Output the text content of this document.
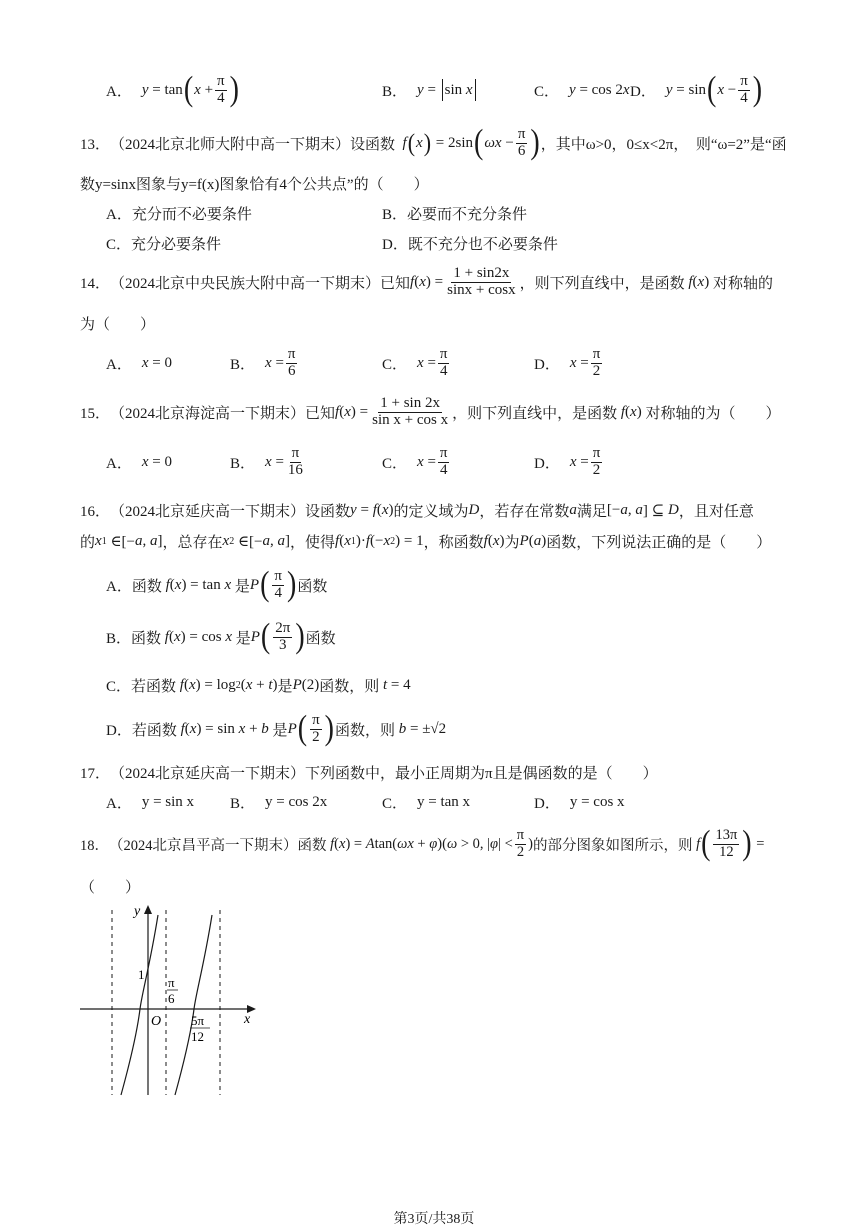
A． y = tan ( $x + \frac{\pi}{4}$ )	B． y =
sin x	C． y = cos 2 x D． y = sin ( $x - \frac{\pi}{4}$ )
13． （2024北京北师大附中高一下期末） 设函数
f ( x ) = 2sin ( $\omega x - \frac{\pi}{6}$ ) ，其中ω>0，0≤x<2π，　则“ω=2”是“函
数y=sinx图象与y=f(x)图象恰有4个公共点”的（　　）
A．充分而不必要条件	B．必要而不充分条件
C．充分必要条件	D．既不充分也不必要条件
14． （2024北京中央民族大附中高一下期末） 已知 f ( x ) = $\frac{1 + \sin 2x}{\sin x + \cos x}$ ，则下列直线中，是函数
f ( x ) 对称轴的
为（　　）
A． x = 0	B． $x = \frac{\pi}{6}$	C． $x = \frac{\pi}{4}$	D． $x = \frac{\pi}{2}$
15． （2024北京海淀高一下期末） 已知 f ( x ) = $\frac{1 + \sin 2x}{\text{sin x + cos x}}$ ，则下列直线中，是函数
f ( x ) 对称轴的为（　　）
A． x = 0	B． $x = \frac{\pi}{16}$	C． $x = \frac{\pi}{4}$	D． $x = \frac{\pi}{2}$
16． （2024北京延庆高一下期末） 设函数 y = f ( x ) 的定义域为 D ，若存在常数 a 满足 [− a , a ] ⊆ D ，且对任意
的 x 1 ∈[− a , a ] ，总存在 x 2 ∈[− a , a ] ，使得 f ( x 1 )· f (− x 2 ) = 1 ，称函数 f ( x ) 为 P ( a ) 函数，下列说法正确的是（　　）
A．函数
f ( x ) = tan x
是 P ( $\frac{\pi}{4}$ ) 函数
B．函数
f ( x ) = cos x
是 P ( $\frac{2\pi}{3}$ ) 函数
C．若函数
f ( x ) = log 2 ( x + t ) 是 P (2) 函数，则
t = 4
D．若函数
f ( x ) = sin x + b
是 P ( $\frac{\pi}{2}$ ) 函数，则
b = ±√2
17． （2024北京延庆高一下期末） 下列函数中，最小正周期为π且是偶函数的是（　　）
A． y = sin x B． y = cos 2x	C． y = tan x	D． y = cos x
18． （2024北京昌平高一下期末） 函数
f ( x ) = A tan( ωx + φ )( ω > 0, | φ | < $\frac{\pi}{2}$ ) 的部分图象如图所示，则
f ( $\frac{13\pi}{12}$ ) =
（　　）
y
x
O
1
π
6
5π
12
第3页/共38页
